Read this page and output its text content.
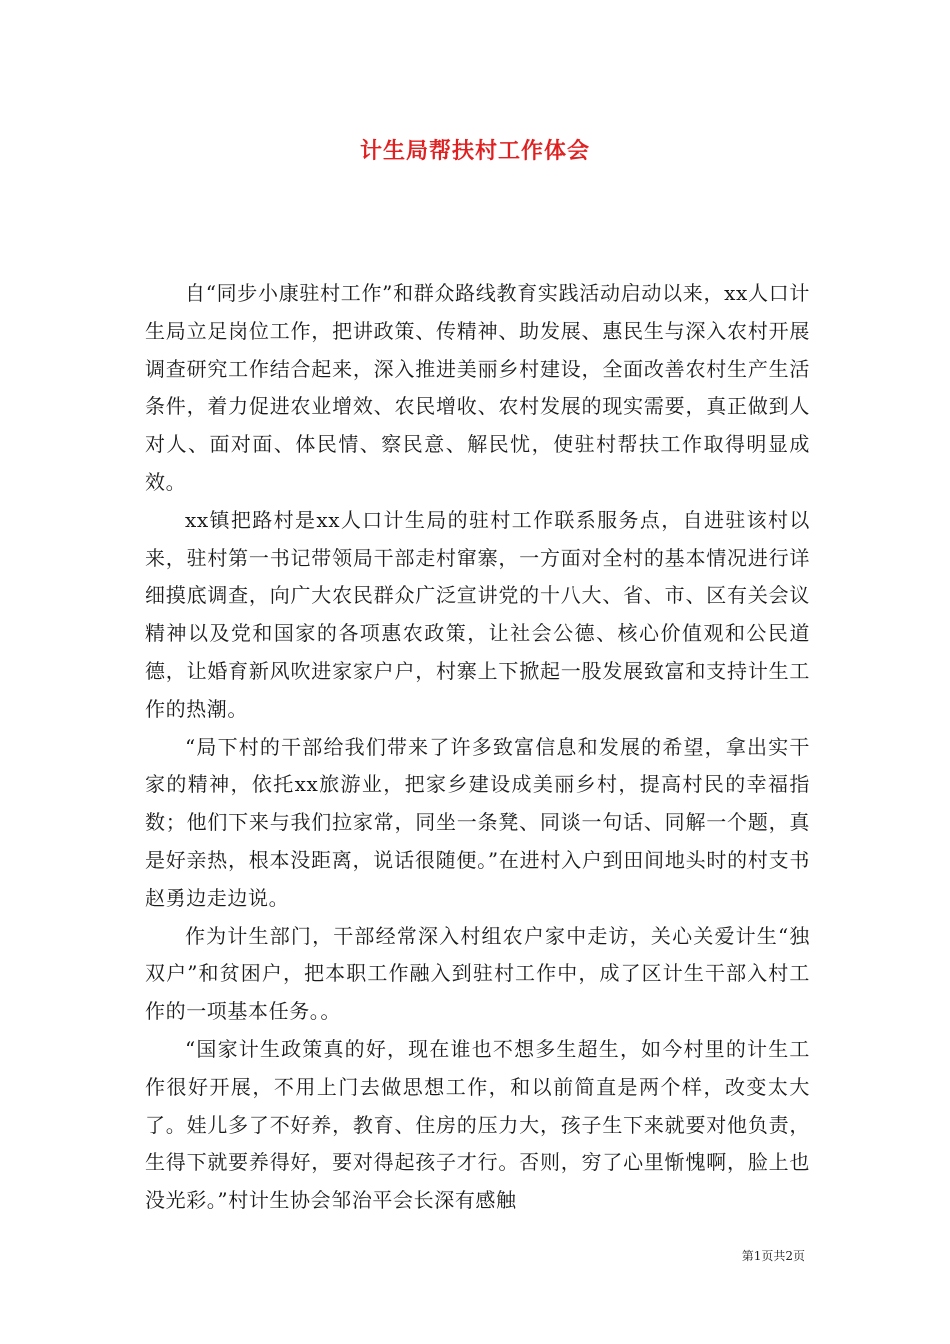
计生局帮扶村工作体会

自“同步小康驻村工作”和群众路线教育实践活动启动以来，xx人口计生局立足岗位工作，把讲政策、传精神、助发展、惠民生与深入农村开展调查研究工作结合起来，深入推进美丽乡村建设，全面改善农村生产生活条件，着力促进农业增效、农民增收、农村发展的现实需要，真正做到人对人、面对面、体民情、察民意、解民忧，使驻村帮扶工作取得明显成效。

xx镇把路村是xx人口计生局的驻村工作联系服务点，自进驻该村以来，驻村第一书记带领局干部走村窜寨，一方面对全村的基本情况进行详细摸底调查，向广大农民群众广泛宣讲党的十八大、省、市、区有关会议精神以及党和国家的各项惠农政策，让社会公德、核心价值观和公民道德，让婚育新风吹进家家户户，村寨上下掀起一股发展致富和支持计生工作的热潮。

“局下村的干部给我们带来了许多致富信息和发展的希望，拿出实干家的精神，依托xx旅游业，把家乡建设成美丽乡村，提高村民的幸福指数；他们下来与我们拉家常，同坐一条凳、同谈一句话、同解一个题，真是好亲热，根本没距离，说话很随便。”在进村入户到田间地头时的村支书赵勇边走边说。

作为计生部门，干部经常深入村组农户家中走访，关心关爱计生“独双户”和贫困户，把本职工作融入到驻村工作中，成了区计生干部入村工作的一项基本任务。。

“国家计生政策真的好，现在谁也不想多生超生，如今村里的计生工作很好开展，不用上门去做思想工作，和以前简直是两个样，改变太大了。娃儿多了不好养，教育、住房的压力大，孩子生下来就要对他负责，生得下就要养得好，要对得起孩子才行。否则，穷了心里惭愧啊，脸上也没光彩。”村计生协会邹治平会长深有感触

第1页共2页
